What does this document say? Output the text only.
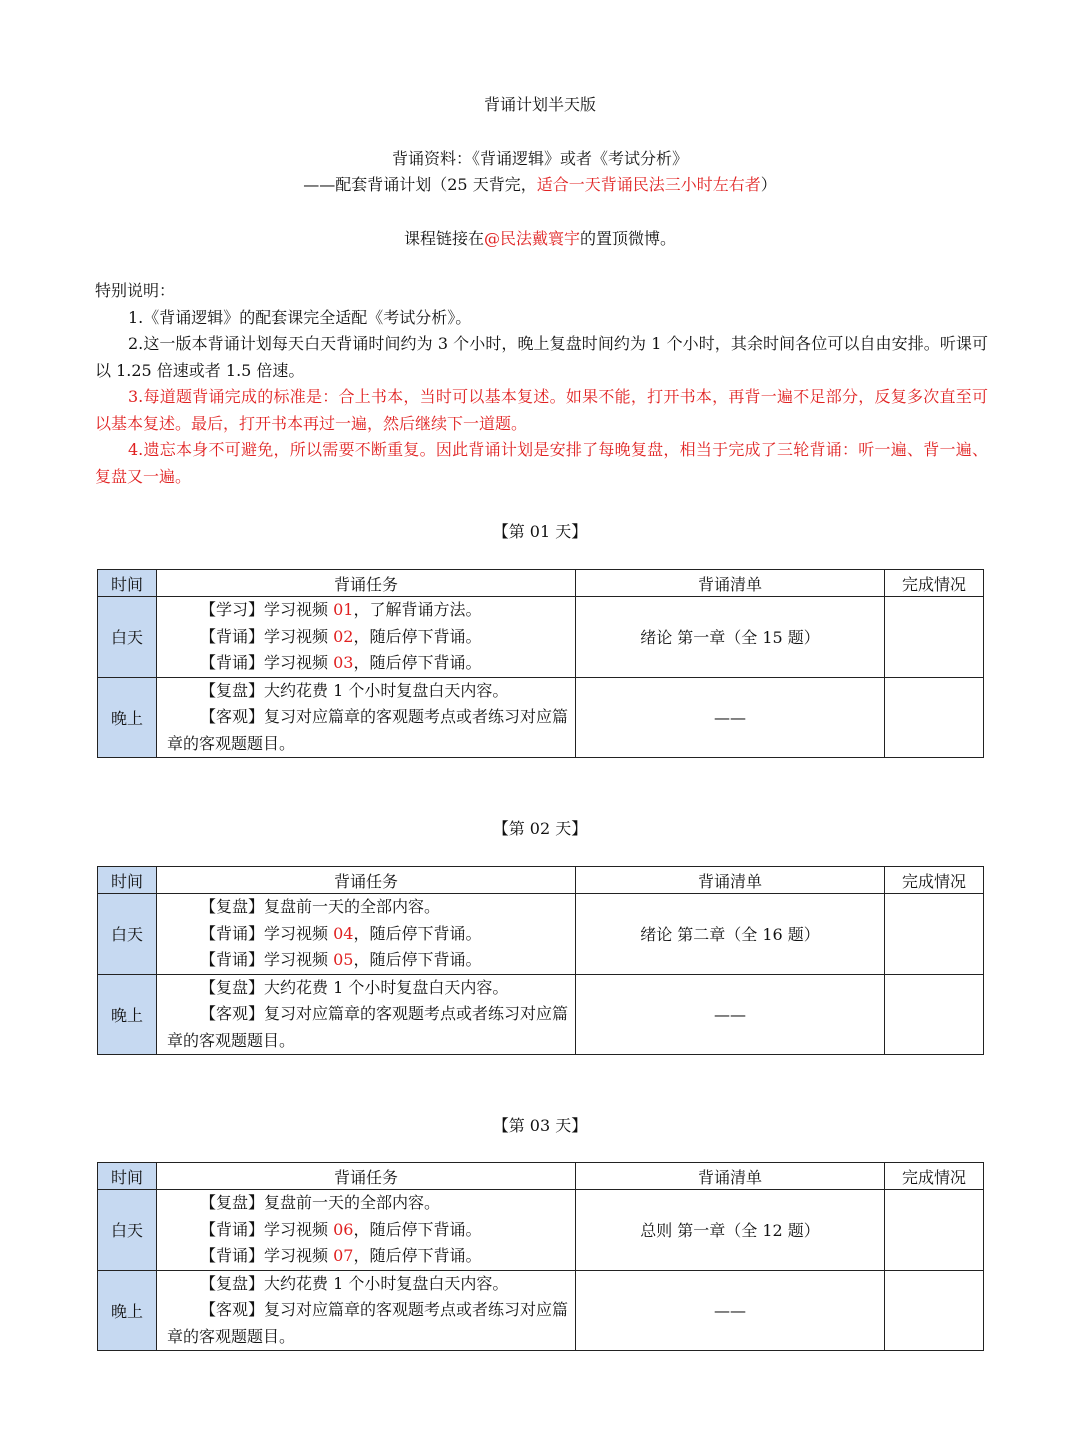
背诵计划半天版
背诵资料：《背诵逻辑》或者《考试分析》
——配套背诵计划（25 天背完，适合一天背诵民法三小时左右者）
课程链接在@民法戴寰宇的置顶微博。

特别说明：

1.《背诵逻辑》的配套课完全适配《考试分析》。

2.这一版本背诵计划每天白天背诵时间约为 3 个小时，晚上复盘时间约为 1 个小时，其余时间各位可以自由安排。听课可以 1.25 倍速或者 1.5 倍速。

3.每道题背诵完成的标准是：合上书本，当时可以基本复述。如果不能，打开书本，再背一遍不足部分，反复多次直至可以基本复述。最后，打开书本再过一遍，然后继续下一道题。

4.遗忘本身不可避免，所以需要不断重复。因此背诵计划是安排了每晚复盘，相当于完成了三轮背诵：听一遍、背一遍、复盘又一遍。

【第 01 天】
时间	背诵任务	背诵清单	完成情况
白天	【学习】学习视频 01，了解背诵方法。
【背诵】学习视频 02，随后停下背诵。
【背诵】学习视频 03，随后停下背诵。	绪论 第一章（全 15 题）	
晚上	【复盘】大约花费 1 个小时复盘白天内容。
【客观】复习对应篇章的客观题考点或者练习对应篇章的客观题题目。	——	
【第 02 天】
时间	背诵任务	背诵清单	完成情况
白天	【复盘】复盘前一天的全部内容。
【背诵】学习视频 04，随后停下背诵。
【背诵】学习视频 05，随后停下背诵。	绪论 第二章（全 16 题）	
晚上	【复盘】大约花费 1 个小时复盘白天内容。
【客观】复习对应篇章的客观题考点或者练习对应篇章的客观题题目。	——	
【第 03 天】
时间	背诵任务	背诵清单	完成情况
白天	【复盘】复盘前一天的全部内容。
【背诵】学习视频 06，随后停下背诵。
【背诵】学习视频 07，随后停下背诵。	总则 第一章（全 12 题）	
晚上	【复盘】大约花费 1 个小时复盘白天内容。
【客观】复习对应篇章的客观题考点或者练习对应篇章的客观题题目。	——	
